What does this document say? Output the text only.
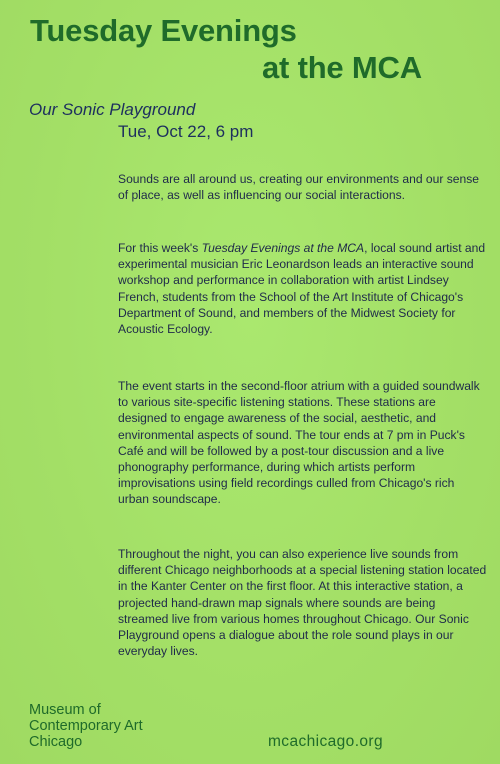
Tuesday Evenings
at the MCA
Our Sonic Playground
Tue, Oct 22, 6 pm
Sounds are all around us, creating our environments and our sense of place, as well as influencing our social interactions.
For this week's Tuesday Evenings at the MCA, local sound artist and experimental musician Eric Leonardson leads an interactive sound workshop and performance in collaboration with artist Lindsey French, students from the School of the Art Institute of Chicago's Department of Sound, and members of the Midwest Society for Acoustic Ecology.
The event starts in the second-floor atrium with a guided soundwalk to various site-specific listening stations. These stations are designed to engage awareness of the social, aesthetic, and environmental aspects of sound. The tour ends at 7 pm in Puck's Café and will be followed by a post-tour discussion and a live phonography performance, during which artists perform improvisations using field recordings culled from Chicago's rich urban soundscape.
Throughout the night, you can also experience live sounds from different Chicago neighborhoods at a special listening station located in the Kanter Center on the first floor. At this interactive station, a projected hand-drawn map signals where sounds are being streamed live from various homes throughout Chicago. Our Sonic Playground opens a dialogue about the role sound plays in our everyday lives.
Museum of
Contemporary Art
Chicago	mcachicago.org
